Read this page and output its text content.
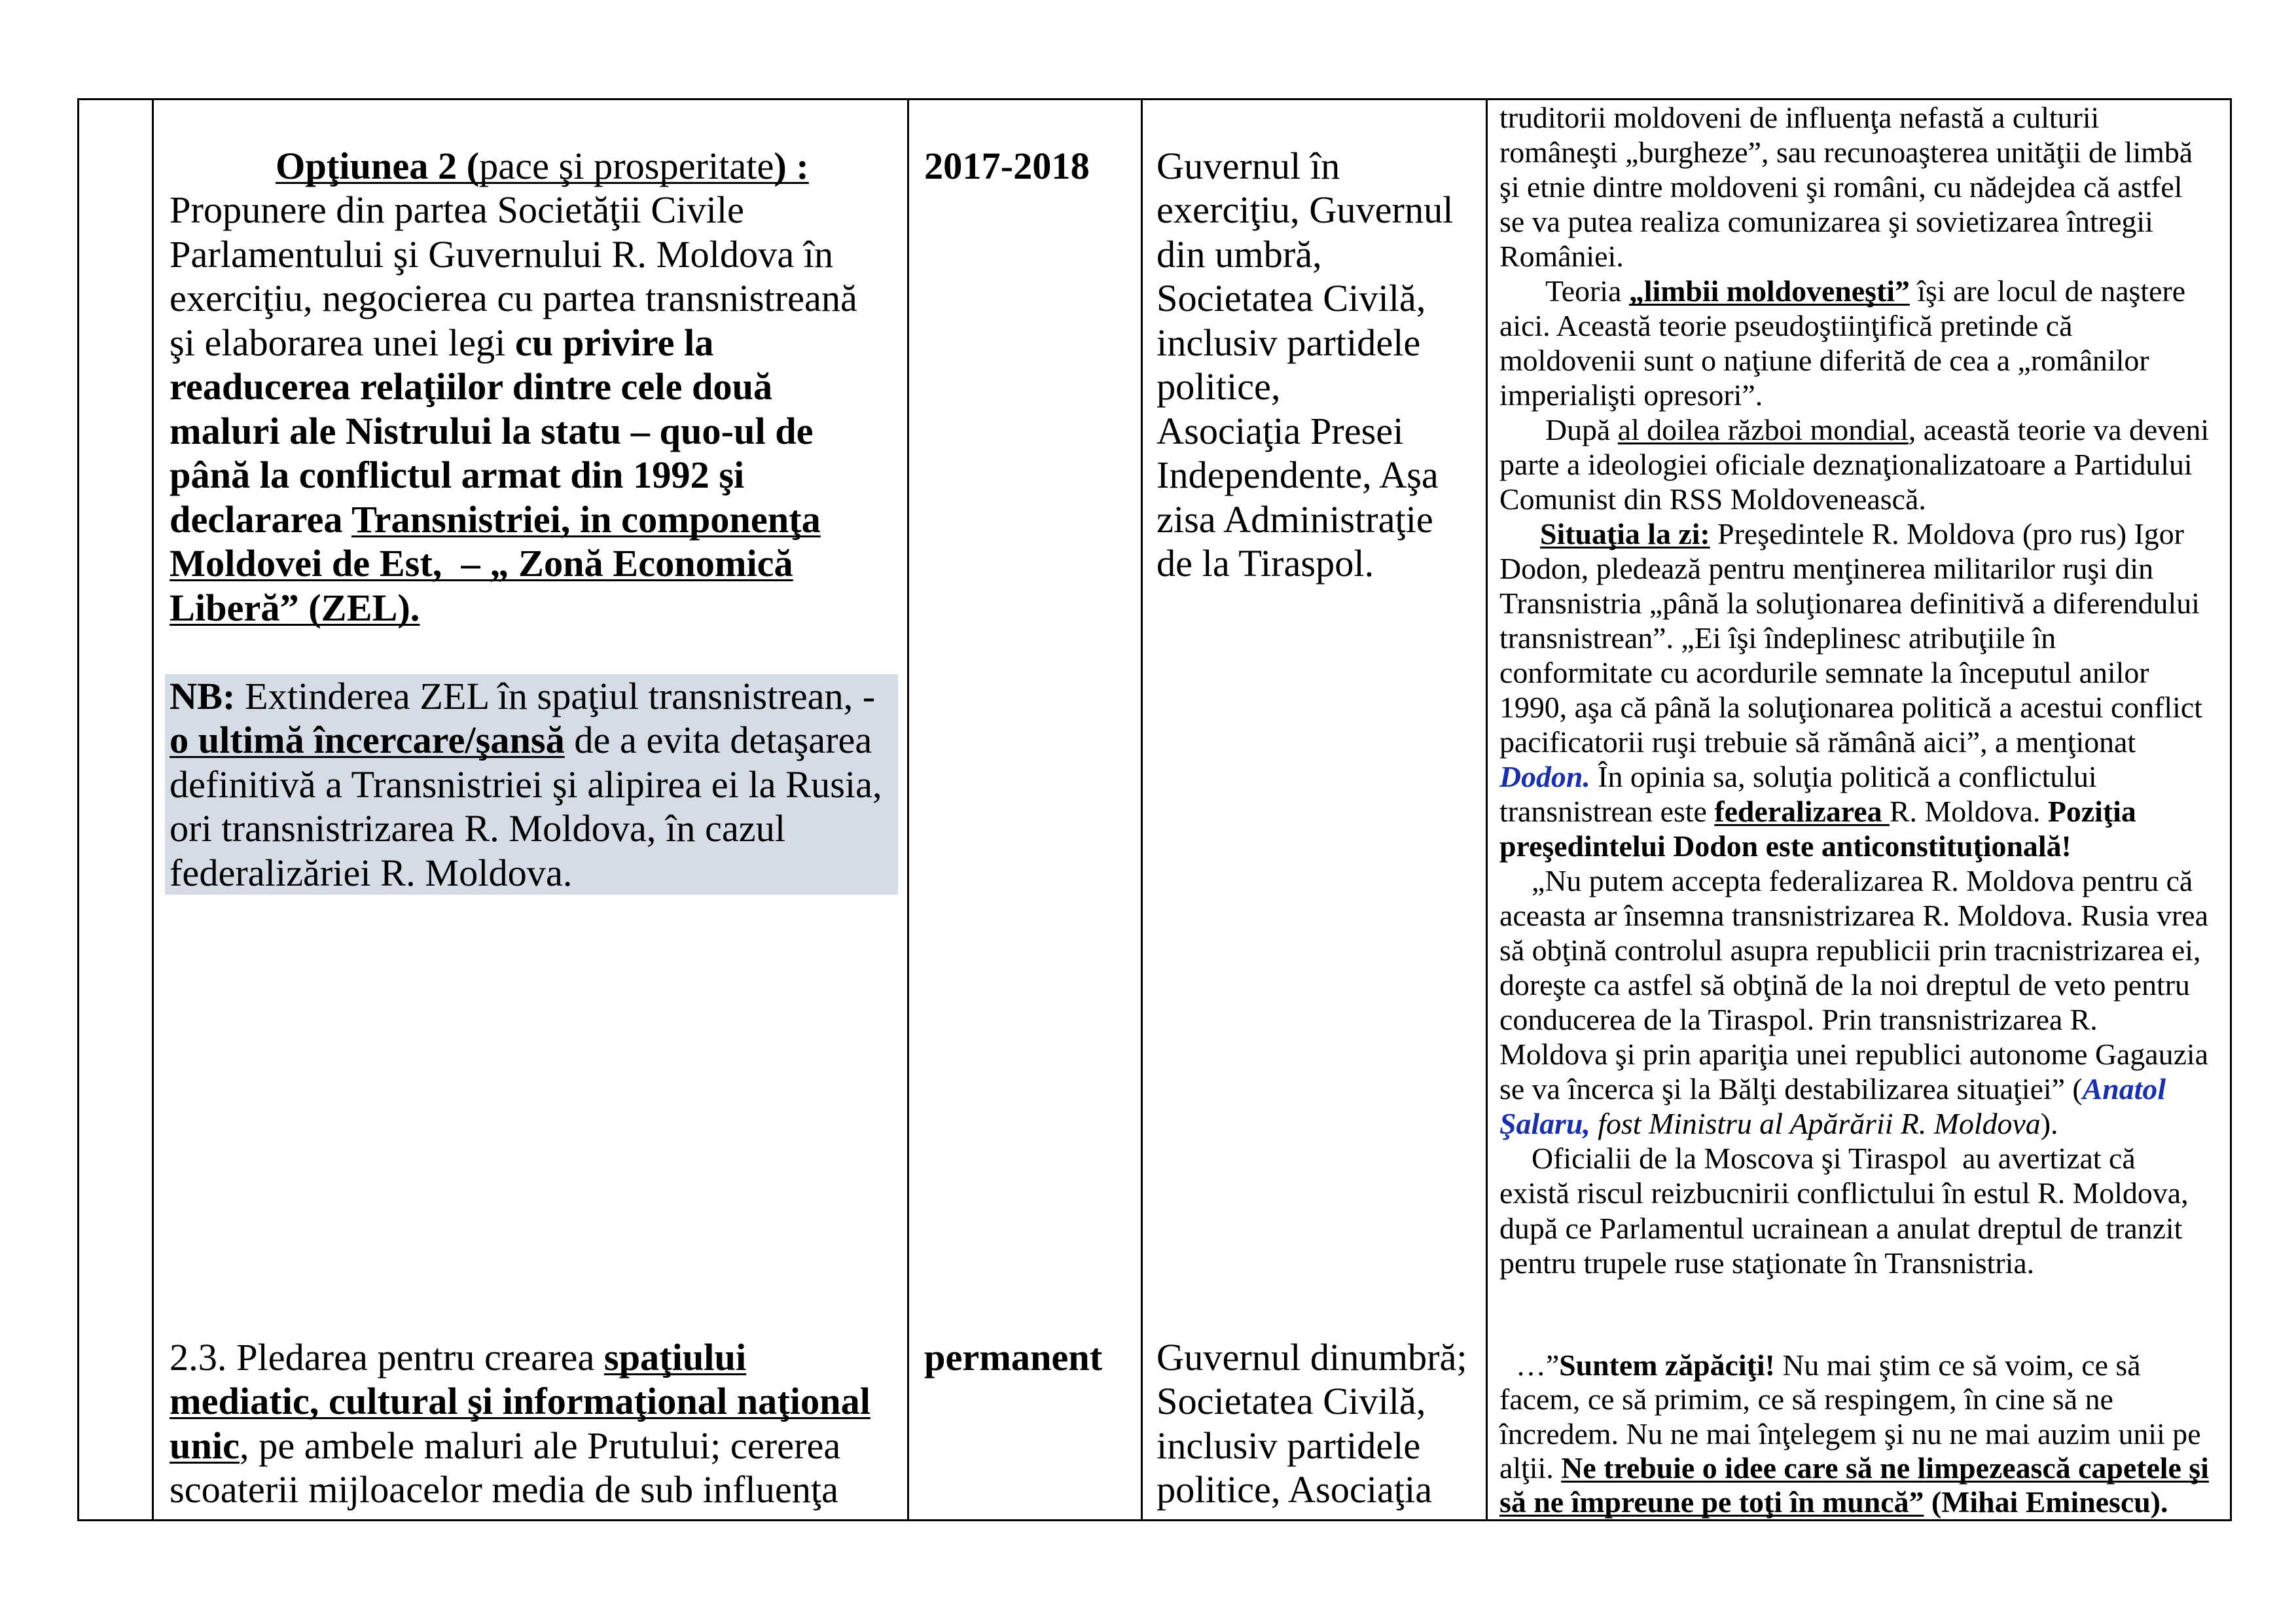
Opţiunea 2 (pace şi prosperitate) :
Propunere din partea Societăţii Civile
Parlamentului şi Guvernului R. Moldova în
exerciţiu, negocierea cu partea transnistreană
şi elaborarea unei legi cu privire la
readucerea relaţiilor dintre cele două
maluri ale Nistrului la statu – quo-ul de
până la conflictul armat din 1992 şi
declararea Transnistriei, in componenţa
Moldovei de Est,  – „ Zonă Economică
Liberă” (ZEL).
NB: Extinderea ZEL în spaţiul transnistrean, -
o ultimă încercare/şansă de a evita detaşarea
definitivă a Transnistriei şi alipirea ei la Rusia,
ori transnistrizarea R. Moldova, în cazul
federalizăriei R. Moldova.
2017-2018 Guvernul în
exerciţiu, Guvernul
din umbră,
Societatea Civilă,
inclusiv partidele
politice,
Asociaţia Presei
Independente, Aşa
zisa Administraţie
de la Tiraspol.
truditorii moldoveni de influenţa nefastă a culturii
româneşti „burgheze”, sau recunoaşterea unităţii de limbă
şi etnie dintre moldoveni şi români, cu nădejdea că astfel
se va putea realiza comunizarea şi sovietizarea întregii
României.
Teoria „limbii moldoveneşti” îşi are locul de naştere
aici. Această teorie pseudoştiinţifică pretinde că
moldovenii sunt o naţiune diferită de cea a „românilor
imperialişti opresori”.
După al doilea război mondial, această teorie va deveni
parte a ideologiei oficiale deznaţionalizatoare a Partidului
Comunist din RSS Moldovenească.
Situaţia la zi: Preşedintele R. Moldova (pro rus) Igor
Dodon, pledează pentru menţinerea militarilor ruşi din
Transnistria „până la soluţionarea definitivă a diferendului
transnistrean”. „Ei îşi îndeplinesc atribuţiile în
conformitate cu acordurile semnate la începutul anilor
1990, aşa că până la soluţionarea politică a acestui conflict
pacificatorii ruşi trebuie să rămână aici”, a menţionat
Dodon. În opinia sa, soluţia politică a conflictului
transnistrean este federalizarea R. Moldova. Poziţia
preşedintelui Dodon este anticonstituţională!
„Nu putem accepta federalizarea R. Moldova pentru că
aceasta ar însemna transnistrizarea R. Moldova. Rusia vrea
să obţină controlul asupra republicii prin tracnistrizarea ei,
doreşte ca astfel să obţină de la noi dreptul de veto pentru
conducerea de la Tiraspol. Prin transnistrizarea R.
Moldova şi prin apariţia unei republici autonome Gagauzia
se va încerca şi la Bălţi destabilizarea situaţiei” (Anatol
Şalaru, fost Ministru al Apărării R. Moldova).
Oficialii de la Moscova şi Tiraspol  au avertizat că
există riscul reizbucnirii conflictului în estul R. Moldova,
după ce Parlamentul ucrainean a anulat dreptul de tranzit
pentru trupele ruse staţionate în Transnistria.
2.3. Pledarea pentru crearea spaţiului
mediatic, cultural şi informaţional naţional
unic, pe ambele maluri ale Prutului; cererea
scoaterii mijloacelor media de sub influenţa
permanent Guvernul dinumbră;
Societatea Civilă,
inclusiv partidele
politice, Asociaţia
…”Suntem zăpăciţi! Nu mai ştim ce să voim, ce să
facem, ce să primim, ce să respingem, în cine să ne
încredem. Nu ne mai înţelegem şi nu ne mai auzim unii pe
alţii. Ne trebuie o idee care să ne limpezească capetele şi
să ne împreune pe toţi în muncă” (Mihai Eminescu).
